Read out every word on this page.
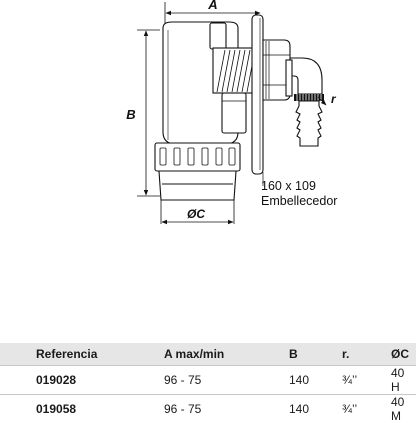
A
B
r
ØC
160 x 109
Embellecedor
Referencia	A max/min	B	r.	ØC
019028	96 - 75	140	¾’’	40 H
019058	96 - 75	140	¾’’	40 M
